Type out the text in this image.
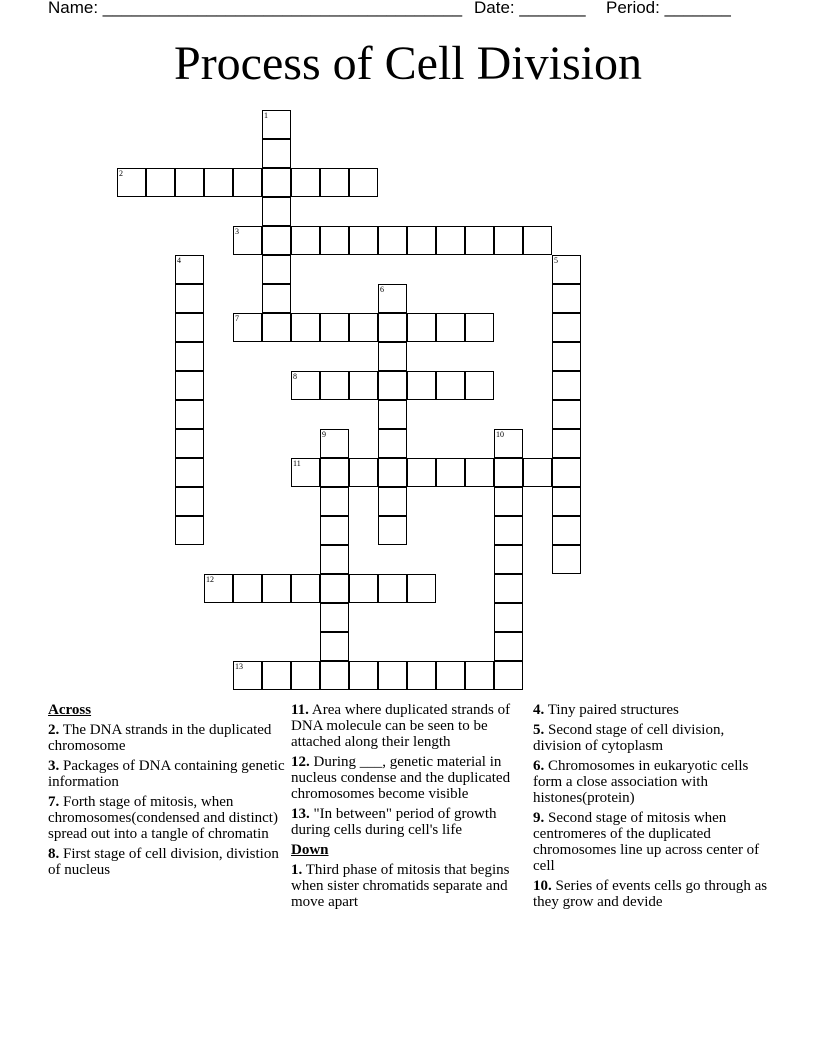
Name: ______________________________________

Date: _______

Period: _______

Process of Cell Division
1
2
3
4	5
6
7
8
9	10
11
12
13
Across
2. The DNA strands in the duplicated chromosome
3. Packages of DNA containing genetic information
7. Forth stage of mitosis, when chromosomes(condensed and distinct) spread out into a tangle of chromatin
8. First stage of cell division, divistion of nucleus
11. Area where duplicated strands of DNA molecule can be seen to be attached along their length
12. During ___, genetic material in nucleus condense and the duplicated chromosomes become visible
13. "In between" period of growth during cells during cell's life
Down
1. Third phase of mitosis that begins when sister chromatids separate and move apart
4. Tiny paired structures
5. Second stage of cell division, division of cytoplasm
6. Chromosomes in eukaryotic cells form a close association with histones(protein)
9. Second stage of mitosis when centromeres of the duplicated chromosomes line up across center of cell
10. Series of events cells go through as they grow and devide
